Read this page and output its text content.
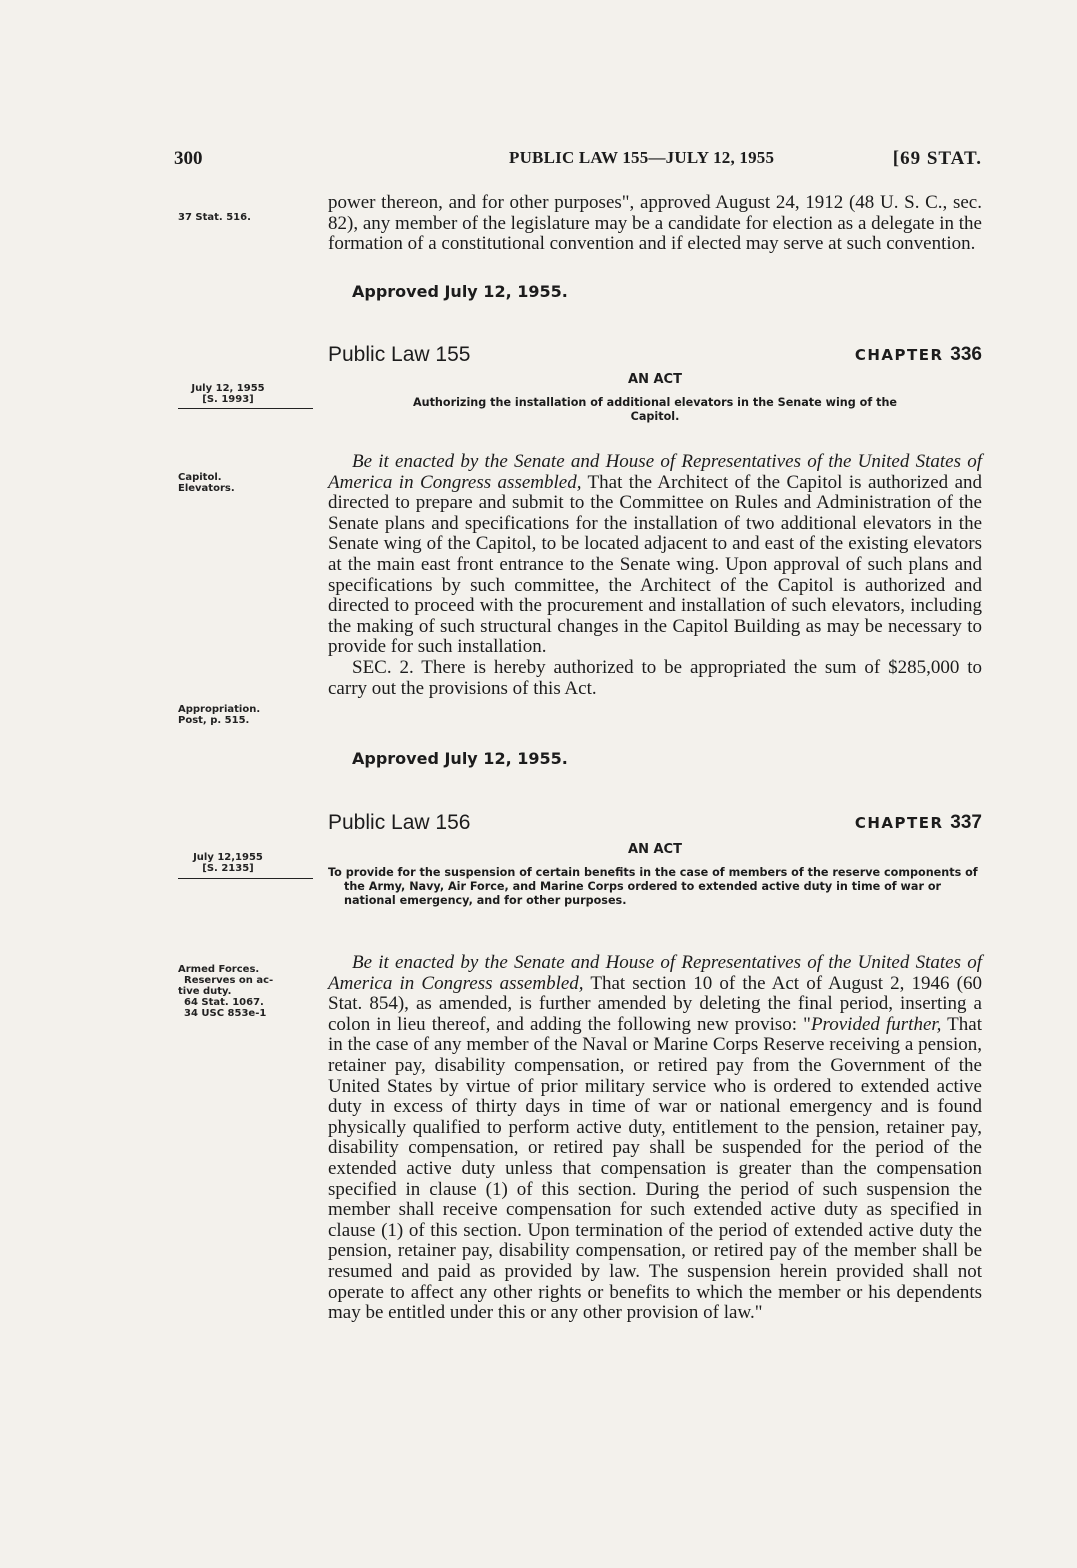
300	PUBLIC LAW 155—JULY 12, 1955	[69 STAT.
37 Stat. 516.
July 12, 1955
[S. 1993]
Capitol.
Elevators.
Appropriation.
Post, p. 515.
July 12,1955
[S. 2135]
Armed Forces.
Reserves on ac-
tive duty.
64 Stat. 1067.
34 USC 853e-1

power thereon, and for other purposes", approved August 24, 1912 (48 U. S. C., sec. 82), any member of the legislature may be a candidate for election as a delegate in the formation of a constitutional convention and if elected may serve at such convention.

Approved July 12, 1955.
Public Law 155	CHAPTER 336
AN ACT
Authorizing the installation of additional elevators in the Senate wing of the Capitol.

Be it enacted by the Senate and House of Representatives of the United States of America in Congress assembled, That the Architect of the Capitol is authorized and directed to prepare and submit to the Committee on Rules and Administration of the Senate plans and specifications for the installation of two additional elevators in the Senate wing of the Capitol, to be located adjacent to and east of the existing elevators at the main east front entrance to the Senate wing. Upon approval of such plans and specifications by such committee, the Architect of the Capitol is authorized and directed to proceed with the procurement and installation of such elevators, including the making of such structural changes in the Capitol Building as may be necessary to provide for such installation.

SEC. 2. There is hereby authorized to be appropriated the sum of $285,000 to carry out the provisions of this Act.

Approved July 12, 1955.
Public Law 156	CHAPTER 337
AN ACT
To provide for the suspension of certain benefits in the case of members of the reserve components of the Army, Navy, Air Force, and Marine Corps ordered to extended active duty in time of war or national emergency, and for other purposes.

Be it enacted by the Senate and House of Representatives of the United States of America in Congress assembled, That section 10 of the Act of August 2, 1946 (60 Stat. 854), as amended, is further amended by deleting the final period, inserting a colon in lieu thereof, and adding the following new proviso: "Provided further, That in the case of any member of the Naval or Marine Corps Reserve receiving a pension, retainer pay, disability compensation, or retired pay from the Government of the United States by virtue of prior military service who is ordered to extended active duty in excess of thirty days in time of war or national emergency and is found physically qualified to perform active duty, entitlement to the pension, retainer pay, disability compensation, or retired pay shall be suspended for the period of the extended active duty unless that compensation is greater than the compensation specified in clause (1) of this section. During the period of such suspension the member shall receive compensation for such extended active duty as specified in clause (1) of this section. Upon termination of the period of extended active duty the pension, retainer pay, disability compensation, or retired pay of the member shall be resumed and paid as provided by law. The suspension herein provided shall not operate to affect any other rights or benefits to which the member or his dependents may be entitled under this or any other provision of law."
